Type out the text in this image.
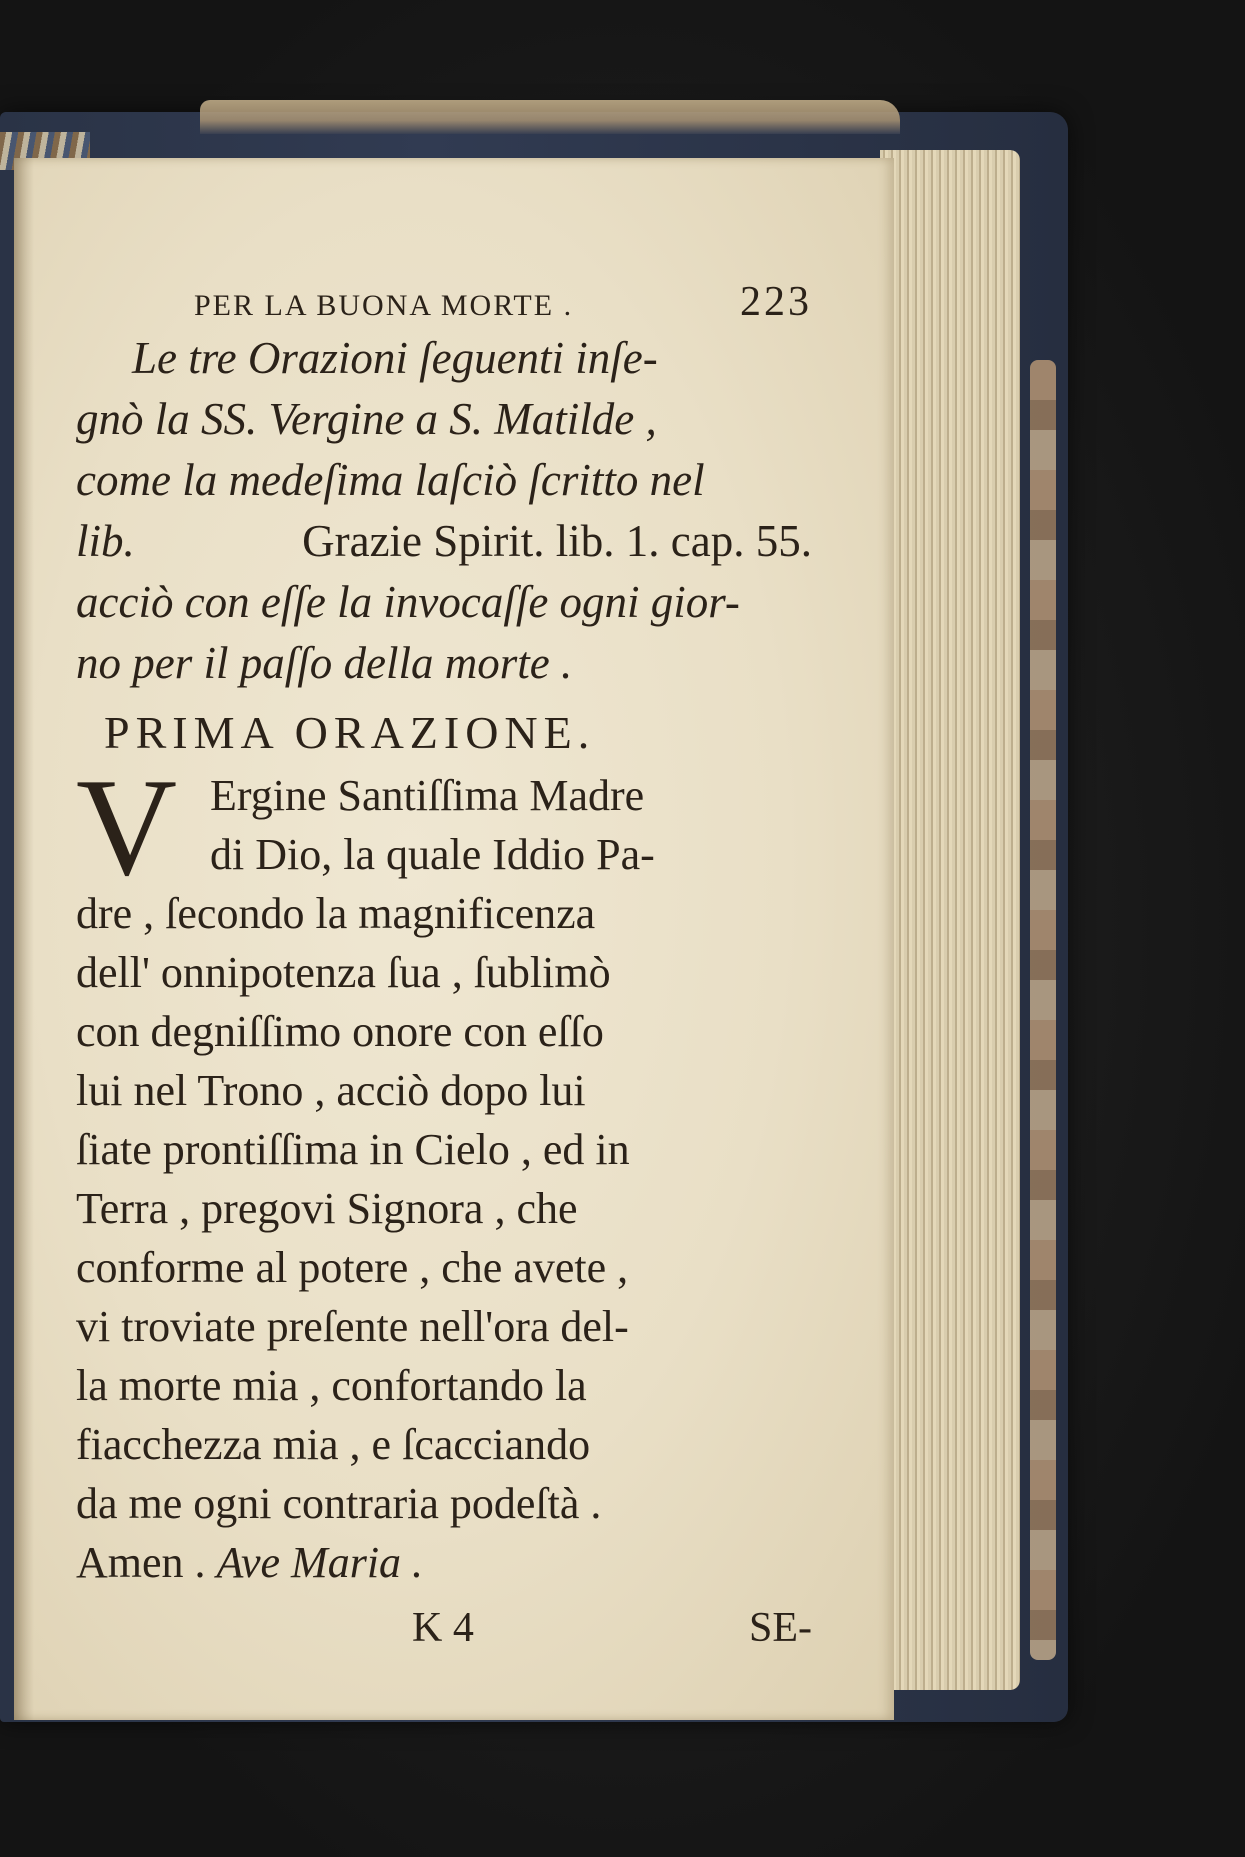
PER LA BUONA MORTE .	223
Le tre Orazioni ſeguenti inſe-
gnò la SS. Vergine a S. Matilde ,
come la medeſima laſciò ſcritto nel
lib.	Grazie Spirit. lib. 1. cap. 55.
acciò con eſſe la invocaſſe ogni gior-
no per il paſſo della morte .
PRIMA ORAZIONE.
V Ergine Santiſſima Madre
di Dio, la quale Iddio Pa-
dre , ſecondo la magnificenza
dell' onnipotenza ſua , ſublimò
con degniſſimo onore con eſſo
lui nel Trono , acciò dopo lui
ſiate prontiſſima in Cielo , ed in
Terra , pregovi Signora , che
conforme al potere , che avete ,
vi troviate preſente nell'ora del-
la morte mia , confortando la
fiacchezza mia , e ſcacciando
da me ogni contraria podeſtà .
Amen .
Ave Maria .
K 4	SE-
